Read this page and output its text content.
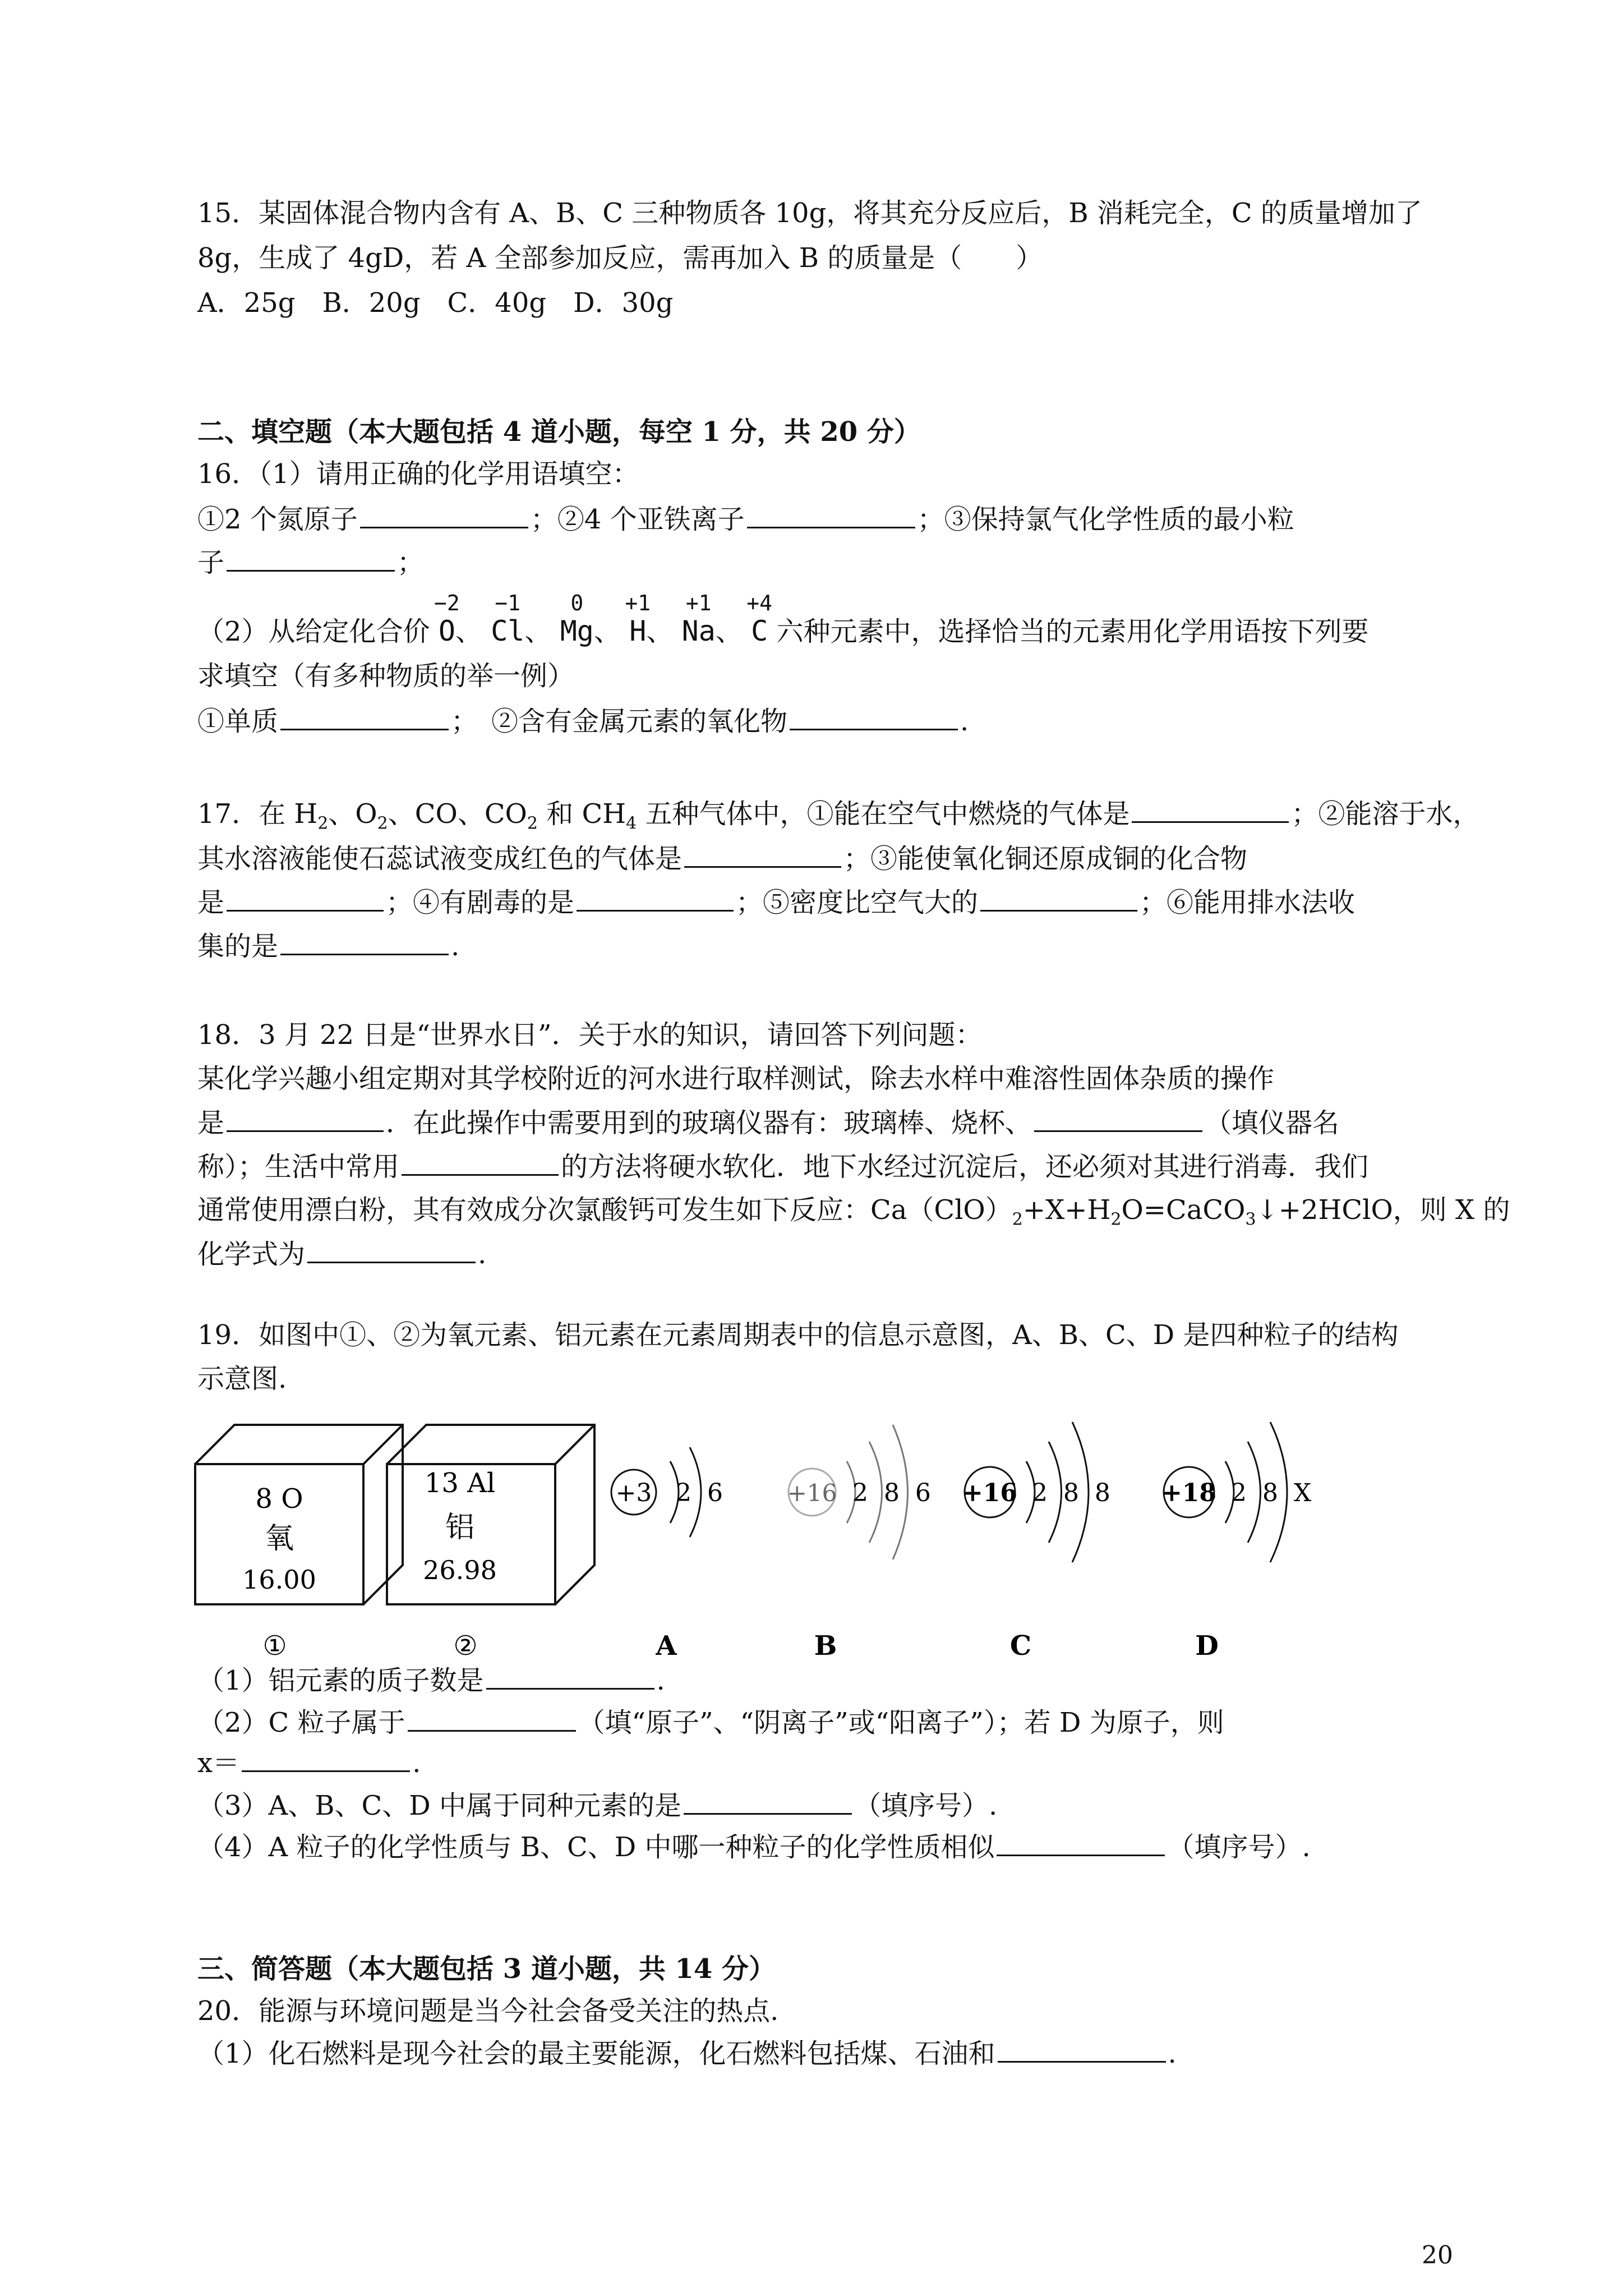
15．某固体混合物内含有 A、B、C 三种物质各 10g，将其充分反应后，B 消耗完全，C 的质量增加了
8g，生成了 4gD，若 A 全部参加反应，需再加入 B 的质量是（　　）
A．25g　B．20g　C．40g　D．30g
二、填空题（本大题包括 4 道小题，每空 1 分，共 20 分）
16．（1）请用正确的化学用语填空：
①2 个氮原子	；②4 个亚铁离子	；③保持氯气化学性质的最小粒
子	；
（2）从给定化合价
−2
O、
−1
Cl、
0
Mg、
+1
H、
+1
Na、
+4
C 六种元素中，选择恰当的元素用化学用语按下列要
求填空（有多种物质的举一例）
①单质	；　②含有金属元素的氧化物	.
17．在 $H_2$、$O_2$、CO、$CO_2$ 和 $CH_4$ 五种气体中，①能在空气中燃烧的气体是	；②能溶于水，
其水溶液能使石蕊试液变成红色的气体是	；③能使氧化铜还原成铜的化合物
是	；④有剧毒的是	；⑤密度比空气大的	；⑥能用排水法收
集的是	.
18．3 月 22 日是“世界水日”．关于水的知识，请回答下列问题：
某化学兴趣小组定期对其学校附近的河水进行取样测试，除去水样中难溶性固体杂质的操作
是	．在此操作中需要用到的玻璃仪器有：玻璃棒、烧杯、	（填仪器名
称）；生活中常用	的方法将硬水软化．地下水经过沉淀后，还必须对其进行消毒．我们
通常使用漂白粉，其有效成分次氯酸钙可发生如下反应：$Ca(ClO)_2+X+H_2O=CaCO_3↓+2HClO$，则 X 的
化学式为	.
19．如图中①、②为氧元素、铝元素在元素周期表中的信息示意图，A、B、C、D 是四种粒子的结构
示意图.
8 O
氧
16.00
①
13 Al
铝
26.98
②
+3 2  6
A
+16 2  8  6
B
+16 2  8  8
C
+18 2  8  X
D
（1）铝元素的质子数是	.
（2）C 粒子属于	（填“原子”、“阴离子”或“阳离子”）；若 D 为原子，则
x＝	.
（3）A、B、C、D 中属于同种元素的是	（填序号）.
（4）A 粒子的化学性质与 B、C、D 中哪一种粒子的化学性质相似	（填序号）.
三、简答题（本大题包括 3 道小题，共 14 分）
20．能源与环境问题是当今社会备受关注的热点.
（1）化石燃料是现今社会的最主要能源，化石燃料包括煤、石油和	.
20
